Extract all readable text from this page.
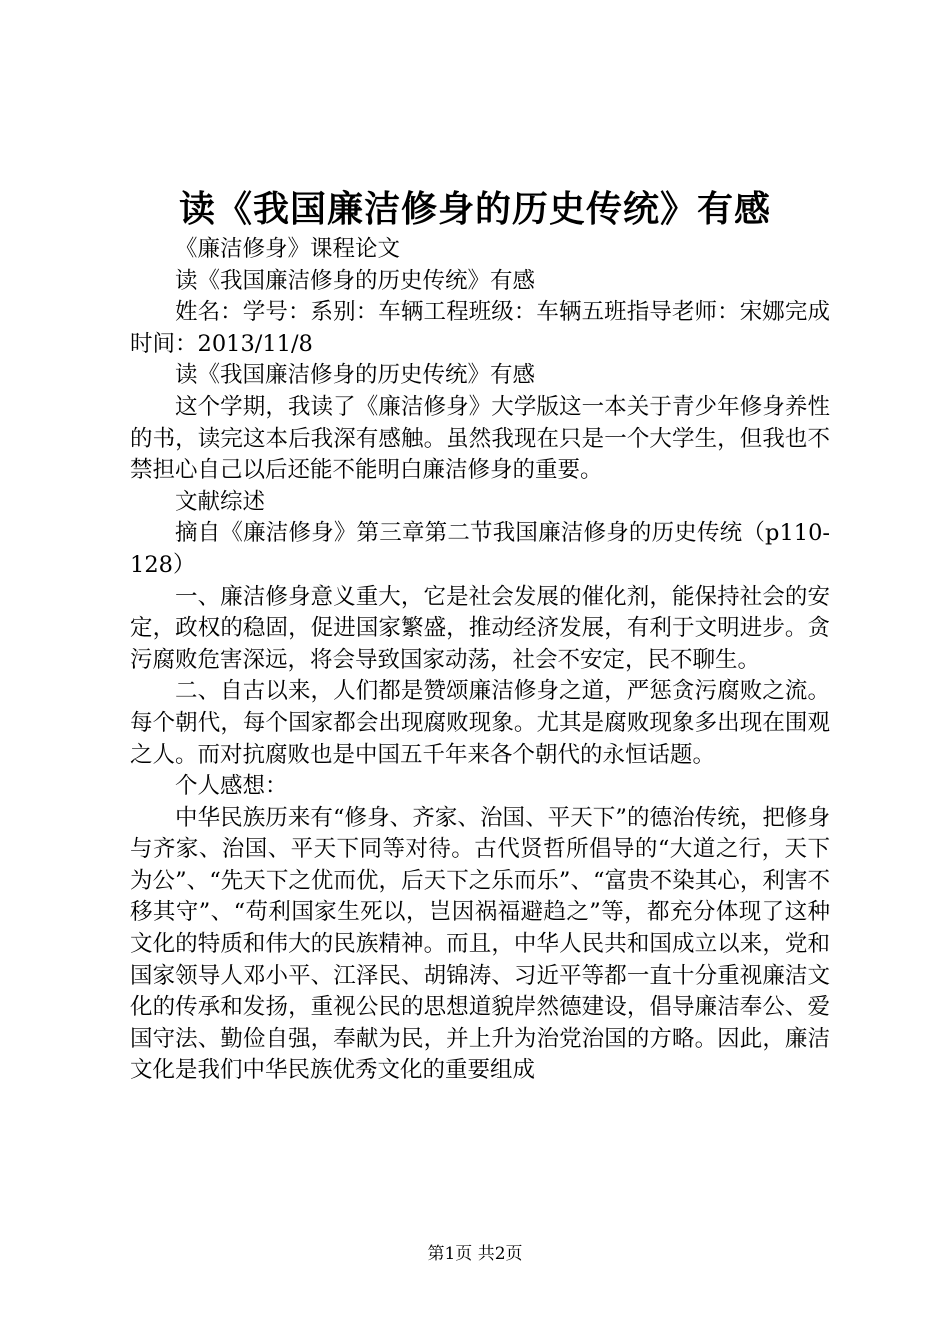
读《我国廉洁修身的历史传统》有感

《廉洁修身》课程论文

读《我国廉洁修身的历史传统》有感

姓名：学号：系别：车辆工程班级：车辆五班指导老师：宋娜完成时间：2013/11/8

读《我国廉洁修身的历史传统》有感

这个学期，我读了《廉洁修身》大学版这一本关于青少年修身养性的书，读完这本后我深有感触。虽然我现在只是一个大学生，但我也不禁担心自己以后还能不能明白廉洁修身的重要。

文献综述

摘自《廉洁修身》第三章第二节我国廉洁修身的历史传统（p110-128）

一、廉洁修身意义重大，它是社会发展的催化剂，能保持社会的安定，政权的稳固，促进国家繁盛，推动经济发展，有利于文明进步。贪污腐败危害深远，将会导致国家动荡，社会不安定，民不聊生。

二、自古以来，人们都是赞颂廉洁修身之道，严惩贪污腐败之流。每个朝代，每个国家都会出现腐败现象。尤其是腐败现象多出现在围观之人。而对抗腐败也是中国五千年来各个朝代的永恒话题。

个人感想：

中华民族历来有“修身、齐家、治国、平天下”的德治传统，把修身与齐家、治国、平天下同等对待。古代贤哲所倡导的“大道之行，天下为公”、“先天下之优而优，后天下之乐而乐”、“富贵不染其心，利害不移其守”、“苟利国家生死以，岂因祸福避趋之”等，都充分体现了这种文化的特质和伟大的民族精神。而且，中华人民共和国成立以来，党和国家领导人邓小平、江泽民、胡锦涛、习近平等都一直十分重视廉洁文化的传承和发扬，重视公民的思想道貌岸然德建设，倡导廉洁奉公、爱国守法、勤俭自强，奉献为民，并上升为治党治国的方略。因此，廉洁文化是我们中华民族优秀文化的重要组成

第1页 共2页
